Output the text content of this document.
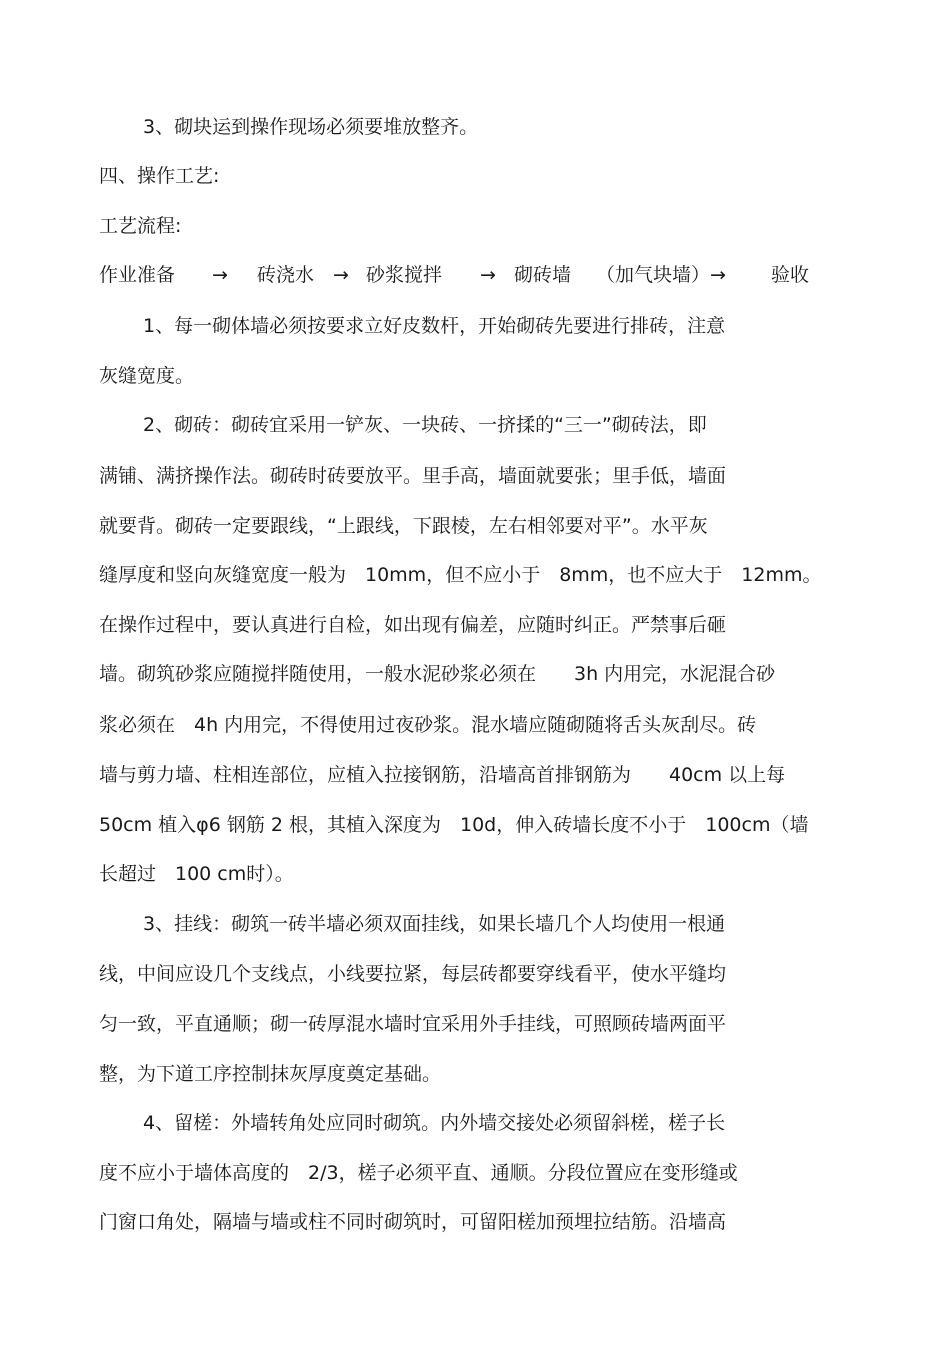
3、砌块运到操作现场必须要堆放整齐。
四、操作工艺:
工艺流程:
作业准备 → 砖浇水 → 砂浆搅拌 → 砌砖墙 （加气块墙）→ 验收
1、每一砌体墙必须按要求立好皮数杆，开始砌砖先要进行排砖，注意
灰缝宽度。
2、砌砖：砌砖宜采用一铲灰、一块砖、一挤揉的“三一”砌砖法，即
满铺、满挤操作法。砌砖时砖要放平。里手高，墙面就要张；里手低，墙面
就要背。砌砖一定要跟线，“上跟线，下跟棱，左右相邻要对平”。水平灰
缝厚度和竖向灰缝宽度一般为　10mm，但不应小于　8mm，也不应大于　12mm。
在操作过程中，要认真进行自检，如出现有偏差，应随时纠正。严禁事后砸
墙。砌筑砂浆应随搅拌随使用，一般水泥砂浆必须在　　3h 内用完，水泥混合砂
浆必须在　4h 内用完，不得使用过夜砂浆。混水墙应随砌随将舌头灰刮尽。砖
墙与剪力墙、柱相连部位，应植入拉接钢筋，沿墙高首排钢筋为　　40cm 以上每
50cm 植入φ6 钢筋 2 根，其植入深度为　10d，伸入砖墙长度不小于　100cm（墙
长超过　100 cm时）。
3、挂线：砌筑一砖半墙必须双面挂线，如果长墙几个人均使用一根通
线，中间应设几个支线点，小线要拉紧，每层砖都要穿线看平，使水平缝均
匀一致，平直通顺；砌一砖厚混水墙时宜采用外手挂线，可照顾砖墙两面平
整，为下道工序控制抹灰厚度奠定基础。
4、留槎：外墙转角处应同时砌筑。内外墙交接处必须留斜槎，槎子长
度不应小于墙体高度的　2/3，槎子必须平直、通顺。分段位置应在变形缝或
门窗口角处，隔墙与墙或柱不同时砌筑时，可留阳槎加预埋拉结筋。沿墙高
